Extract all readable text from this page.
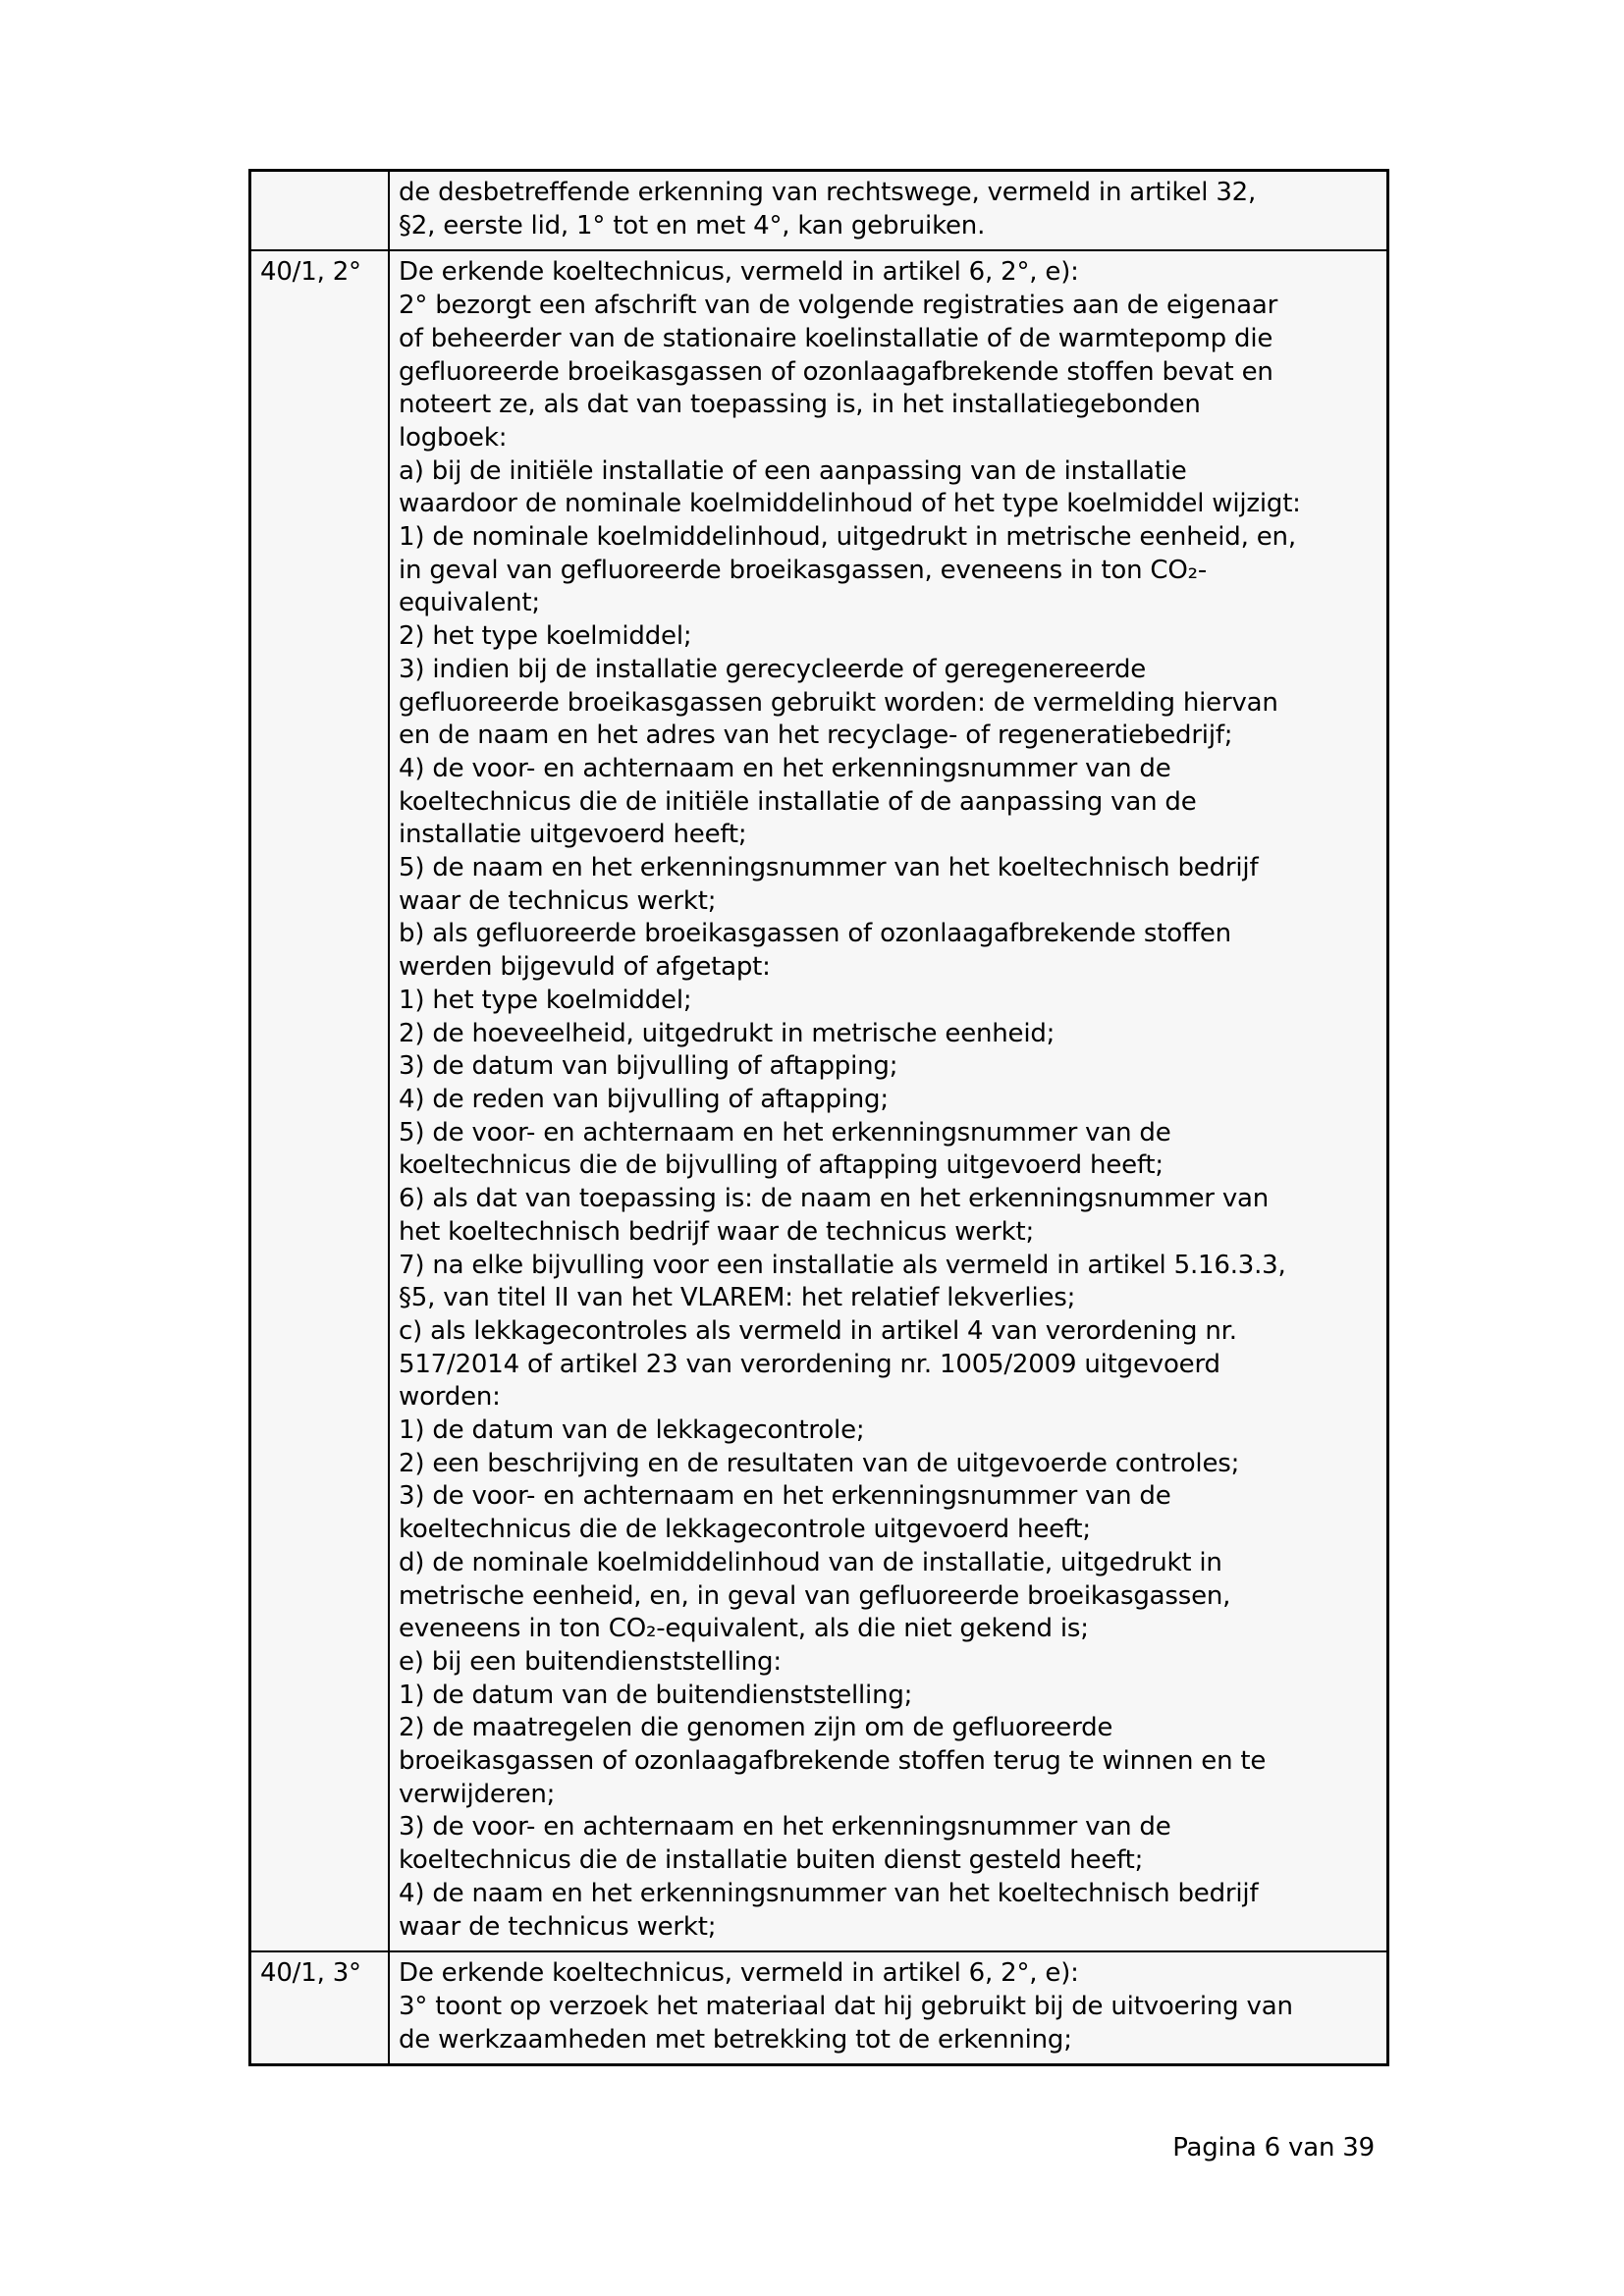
	de desbetreffende erkenning van rechtswege, vermeld in artikel 32,
§2, eerste lid, 1° tot en met 4°, kan gebruiken.

40/1, 2°	De erkende koeltechnicus, vermeld in artikel 6, 2°, e):
2° bezorgt een afschrift van de volgende registraties aan de eigenaar
of beheerder van de stationaire koelinstallatie of de warmtepomp die
gefluoreerde broeikasgassen of ozonlaagafbrekende stoffen bevat en
noteert ze, als dat van toepassing is, in het installatiegebonden
logboek:
a) bij de initiële installatie of een aanpassing van de installatie
waardoor de nominale koelmiddelinhoud of het type koelmiddel wijzigt:
1) de nominale koelmiddelinhoud, uitgedrukt in metrische eenheid, en,
in geval van gefluoreerde broeikasgassen, eveneens in ton CO₂-
equivalent;
2) het type koelmiddel;
3) indien bij de installatie gerecycleerde of geregenereerde
gefluoreerde broeikasgassen gebruikt worden: de vermelding hiervan
en de naam en het adres van het recyclage- of regeneratiebedrijf;
4) de voor- en achternaam en het erkenningsnummer van de
koeltechnicus die de initiële installatie of de aanpassing van de
installatie uitgevoerd heeft;
5) de naam en het erkenningsnummer van het koeltechnisch bedrijf
waar de technicus werkt;
b) als gefluoreerde broeikasgassen of ozonlaagafbrekende stoffen
werden bijgevuld of afgetapt:
1) het type koelmiddel;
2) de hoeveelheid, uitgedrukt in metrische eenheid;
3) de datum van bijvulling of aftapping;
4) de reden van bijvulling of aftapping;
5) de voor- en achternaam en het erkenningsnummer van de
koeltechnicus die de bijvulling of aftapping uitgevoerd heeft;
6) als dat van toepassing is: de naam en het erkenningsnummer van
het koeltechnisch bedrijf waar de technicus werkt;
7) na elke bijvulling voor een installatie als vermeld in artikel 5.16.3.3,
§5, van titel II van het VLAREM: het relatief lekverlies;
c) als lekkagecontroles als vermeld in artikel 4 van verordening nr.
517/2014 of artikel 23 van verordening nr. 1005/2009 uitgevoerd
worden:
1) de datum van de lekkagecontrole;
2) een beschrijving en de resultaten van de uitgevoerde controles;
3) de voor- en achternaam en het erkenningsnummer van de
koeltechnicus die de lekkagecontrole uitgevoerd heeft;
d) de nominale koelmiddelinhoud van de installatie, uitgedrukt in
metrische eenheid, en, in geval van gefluoreerde broeikasgassen,
eveneens in ton CO₂-equivalent, als die niet gekend is;
e) bij een buitendienststelling:
1) de datum van de buitendienststelling;
2) de maatregelen die genomen zijn om de gefluoreerde
broeikasgassen of ozonlaagafbrekende stoffen terug te winnen en te
verwijderen;
3) de voor- en achternaam en het erkenningsnummer van de
koeltechnicus die de installatie buiten dienst gesteld heeft;
4) de naam en het erkenningsnummer van het koeltechnisch bedrijf
waar de technicus werkt;

40/1, 3°	De erkende koeltechnicus, vermeld in artikel 6, 2°, e):
3° toont op verzoek het materiaal dat hij gebruikt bij de uitvoering van
de werkzaamheden met betrekking tot de erkenning;
Pagina 6 van 39
